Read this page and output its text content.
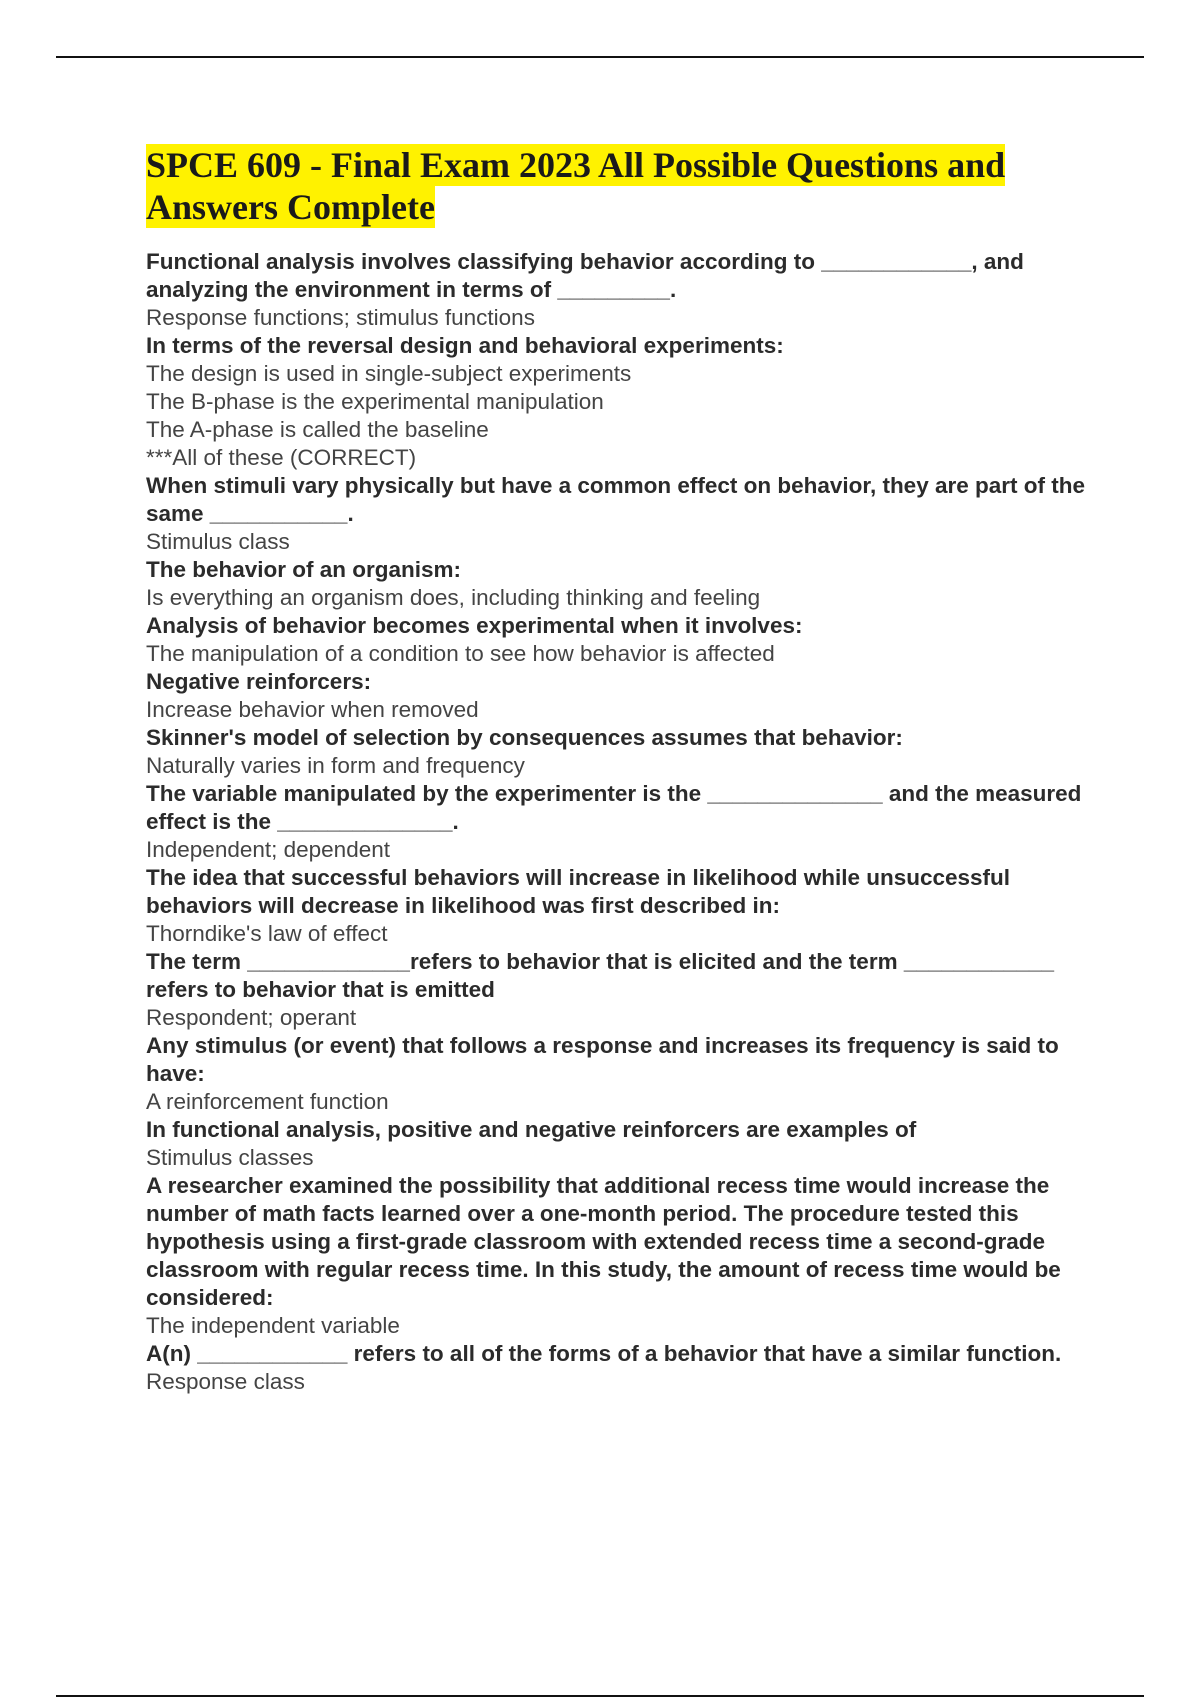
SPCE 609 - Final Exam 2023 All Possible Questions and Answers Complete

Functional analysis involves classifying behavior according to ____________, and analyzing the environment in terms of _________.

Response functions; stimulus functions

In terms of the reversal design and behavioral experiments:

The design is used in single-subject experiments

The B-phase is the experimental manipulation

The A-phase is called the baseline

***All of these (CORRECT)

When stimuli vary physically but have a common effect on behavior, they are part of the same ___________.

Stimulus class

The behavior of an organism:

Is everything an organism does, including thinking and feeling

Analysis of behavior becomes experimental when it involves:

The manipulation of a condition to see how behavior is affected

Negative reinforcers:

Increase behavior when removed

Skinner's model of selection by consequences assumes that behavior:

Naturally varies in form and frequency

The variable manipulated by the experimenter is the ______________ and the measured effect is the ______________.

Independent; dependent

The idea that successful behaviors will increase in likelihood while unsuccessful behaviors will decrease in likelihood was first described in:

Thorndike's law of effect

The term _____________refers to behavior that is elicited and the term ____________ refers to behavior that is emitted

Respondent; operant

Any stimulus (or event) that follows a response and increases its frequency is said to have:

A reinforcement function

In functional analysis, positive and negative reinforcers are examples of

Stimulus classes

A researcher examined the possibility that additional recess time would increase the number of math facts learned over a one-month period. The procedure tested this hypothesis using a first-grade classroom with extended recess time a second-grade classroom with regular recess time. In this study, the amount of recess time would be considered:

The independent variable

A(n) ____________ refers to all of the forms of a behavior that have a similar function.

Response class
